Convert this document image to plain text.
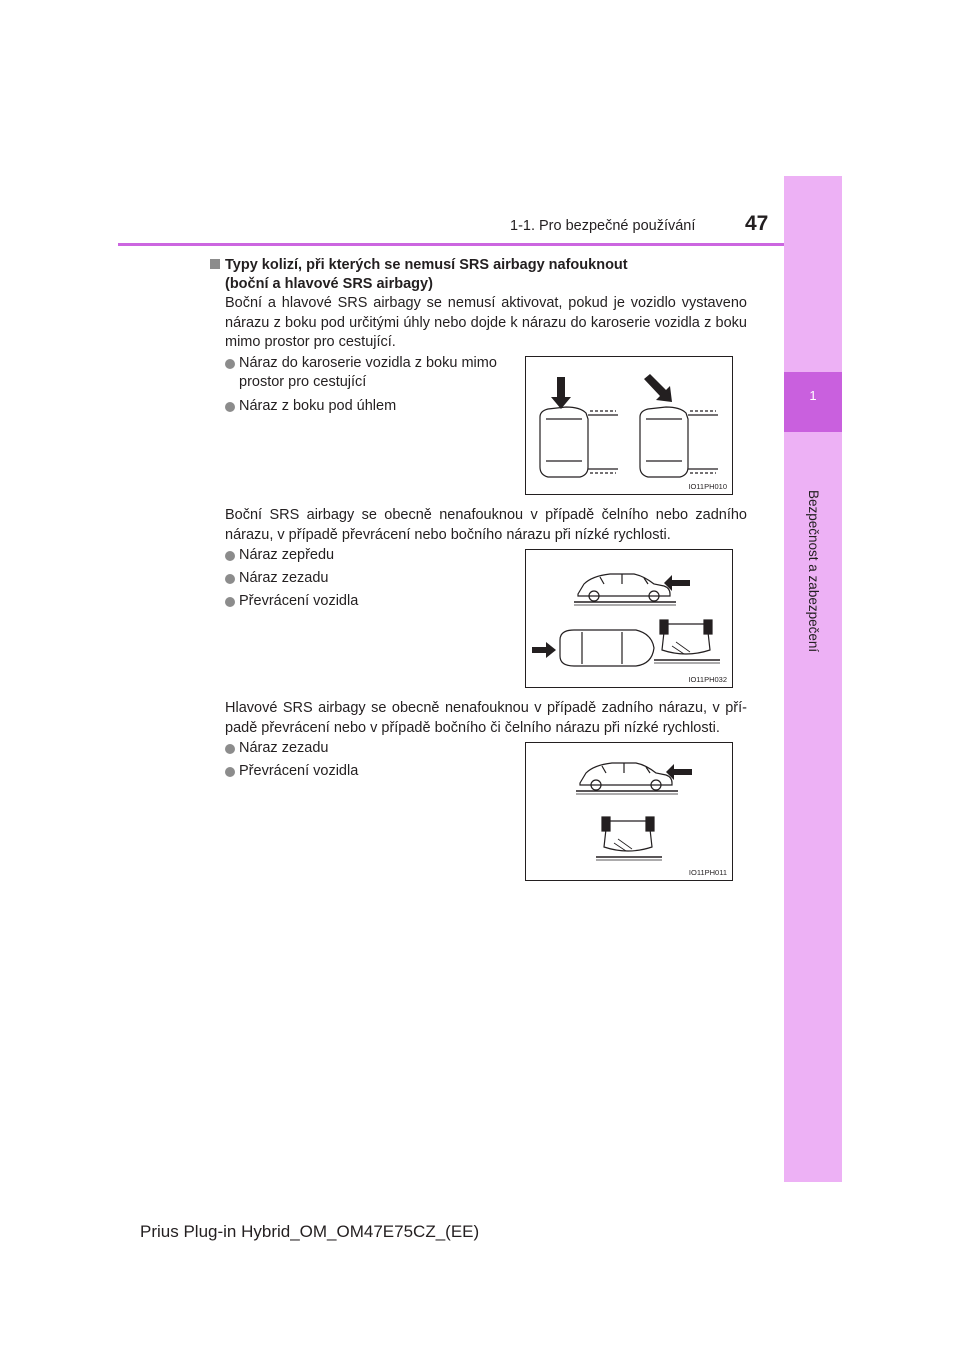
1-1. Pro bezpečné používání 47
1
Bezpečnost a zabezpečení
Typy kolizí, při kterých se nemusí SRS airbagy nafouknout
(boční a hlavové SRS airbagy)
Boční a hlavové SRS airbagy se nemusí aktivovat, pokud je vozidlo vystaveno
nárazu z boku pod určitými úhly nebo dojde k nárazu do karoserie vozidla z boku
mimo prostor pro cestující.
Náraz do karoserie vozidla z boku mimo
prostor pro cestující
Náraz z boku pod úhlem
IO11PH010
Boční SRS airbagy se obecně nenafouknou v případě čelního nebo zadního
nárazu, v případě převrácení nebo bočního nárazu při nízké rychlosti.
Náraz zepředu
Náraz zezadu
Převrácení vozidla
IO11PH032
Hlavové SRS airbagy se obecně nenafouknou v případě zadního nárazu, v pří-
padě převrácení nebo v případě bočního či čelního nárazu při nízké rychlosti.
Náraz zezadu
Převrácení vozidla
IO11PH011
Prius Plug-in Hybrid_OM_OM47E75CZ_(EE)
